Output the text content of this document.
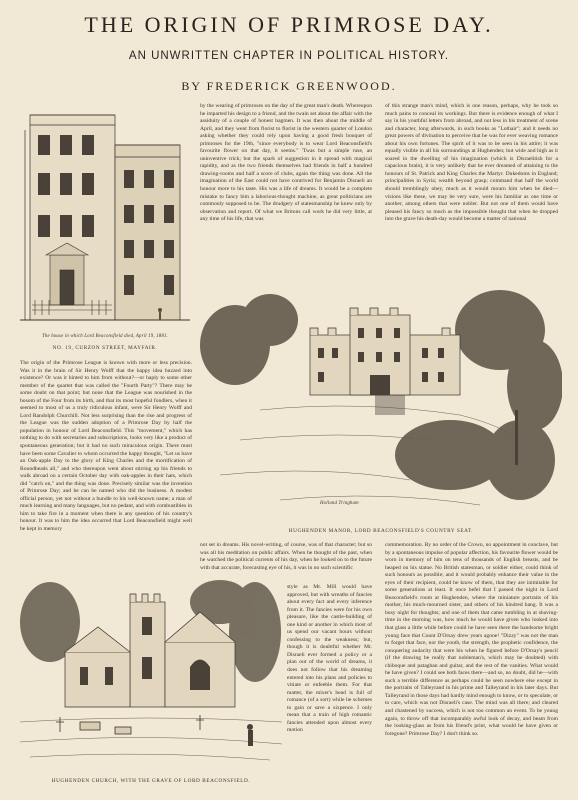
THE ORIGIN OF PRIMROSE DAY.
AN UNWRITTEN CHAPTER IN POLITICAL HISTORY.
BY FREDERICK GREENWOOD.
The house in which Lord Beaconsfield died, April 19, 1881.
NO. 19, CURZON STREET, MAYFAIR.

The origin of the Primrose League is known with more or less precision. Was it in the brain of Sir Henry Wolff that the happy idea buzzed into existence? Or was it hinted to him from without?—or haply to some other member of the quartet that was called the "Fourth Party"? There may be some doubt on that point; but none that the League was nourished in the bosom of the Four from its birth, and that its most hopeful fondlers, when it seemed to most of us a truly ridiculous infant, were Sir Henry Wolff and Lord Randolph Churchill. Not less surprising than the rise and progress of the League was the sudden adoption of a Primrose Day by half the population in honour of Lord Beaconsfield. This "movement," which has nothing to do with secretaries and subscriptions, looks very like a product of spontaneous generation; but it had no such miraculous origin. There must have been some Cavalier to whom occurred the happy thought, "Let us have an Oak-apple Day to the glory of King Charles and the mortification of Roundheads all," and who thereupon went about stirring up his friends to walk abroad on a certain October day with oak-apples in their hats, which did "catch on," and the thing was done. Precisely similar was the invention of Primrose Day; and he can be named who did the business. A modest official person, yet not without a bundle to his well-known name; a man of much learning and many languages, but no pedant, and with combustibles in him to take fire in a moment when there is any question of his country's honour. It was to him the idea occurred that Lord Beaconsfield might well be kept in memory

by the wearing of primroses on the day of the great man's death. Whereupon he imparted his design to a friend, and the twain set about the affair with the assiduity of a couple of honest bagmen. It was then about the middle of April, and they went from florist to florist in the western quarter of London asking whether they could rely upon having a good fresh bouquet of primroses for the 19th, "since everybody is to wear Lord Beaconsfield's favourite flower on that day, it seems." 'Twas but a simple ruse, an uninventive trick; but the spark of suggestion in it spread with magical rapidity, and as the two friends themselves had friends in half a hundred drawing-rooms and half a score of clubs, again the thing was done. All the imagination of the East could not have contrived for Benjamin Disraeli an honour more to his taste. His was a life of dreams. It would be a complete mistake to fancy him a laborious-thought machine, as great politicians are commonly supposed to be. The drudgery of statesmanship he knew only by observation and report. Of what we Britons call work he did very little, at any time of his life, that was

of this strange man's mind, which is one reason, perhaps, why he took so much pains to conceal its workings. But there is evidence enough of what I say in his youthful letters from abroad, and not less in his treatment of scene and character, long afterwards, in such books as "Lothair"; and it needs no great powers of divination to perceive that he was for ever weaving romance about his own fortunes. The spirit of it was to be seen in his attire; it was equally visible in all his surroundings at Hughenden; but wide and high as it soared in the dwelling of his imagination (which is Disraelitish for a capacious brain), it is very unlikely that he ever dreamed of attaining to the honours of St. Patrick and King Charles the Martyr. Dukedoms in England; principalities in Syria; wealth beyond grasp; command that half the world should tremblingly obey, much as it would mourn him when he died—visions like these, we may be very sure, were his familiar as one time or another, among others that were nobler. But not one of them would have pleased his fancy so much as the impossible thought that when he dropped into the grave his death-day would become a matter of national

Holland Tringham
HUGHENDEN MANOR, LORD BEACONSFIELD'S COUNTRY SEAT.

not set in dreams. His novel-writing, of course, was of that character; but so was all his meditation on public affairs. When he thought of the past, when he watched the political currents of his day, when he looked on to the future with that accurate, forecasting eye of his, it was in no such scientific

style as Mr. Mill would have approved, but with wreaths of fancies about every fact and every inference from it. The fancies were for his own pleasure, like the castle-building of one kind or another in which most of us spend our vacant hours without confessing to the weakness; but, though it is doubtful whether Mr. Disraeli ever formed a policy or a plan out of the world of dreams, it does not follow that his dreaming entered into his plans and policies to vitiate or enfeeble them. For that matter, the mixer's head is full of romance (of a sort) while he schemes to gain or save a sixpence. I only mean that a train of high romantic fancies attended upon almost every motion

HUGHENDEN CHURCH, WITH THE GRAVE OF LORD BEACONSFIELD.

commemoration. By no order of the Crown, no appointment in conclave, but by a spontaneous impulse of popular affection, his favourite flower would be worn in memory of him on tens of thousands of English breasts, and be heaped on his statue. No British statesman, or soldier either, could think of such honours as possible; and it would probably enhance their value in the eyes of their recipient, could he know of them, that they are inimitable for some generations at least. It once befel that I passed the night in Lord Beaconsfield's room at Hughenden, where the miniature portraits of his mother, his much-mourned sister, and others of his kindred hang. It was a busy night for thoughts; and one of them that came tumbling in at shaving-time in the morning was, how much he would have given who looked into that glass a little while before could he have seen there the handsome bright young face that Count D'Orsay drew years agone! "Dizzy" was not the man to forget that face, nor the youth, the strength, the prophetic confidence, the conquering audacity that were his when he figured before D'Orsay's pencil (if the drawing be really that nobleman's, which may be doubted) with chiboque and patagban and guitar, and the rest of the vanities. What would he have given? I could see both faces there—and so, no doubt, did he—with such a terrible difference as perhaps could be seen nowhere else except in the portraits of Talleyrand in his prime and Talleyrand in his later days. But Talleyrand in those days had hardly mind enough to know, or to speculate, or to care, which was not Disraeli's case. The mind was all there; and cleared and chastened by success, which is not too common an event. To be young again, to throw off that incomparably awful look of decay, and beam from the looking-glass as from his friend's print, what would he have given or foregone? Primrose Day? I don't think so.
